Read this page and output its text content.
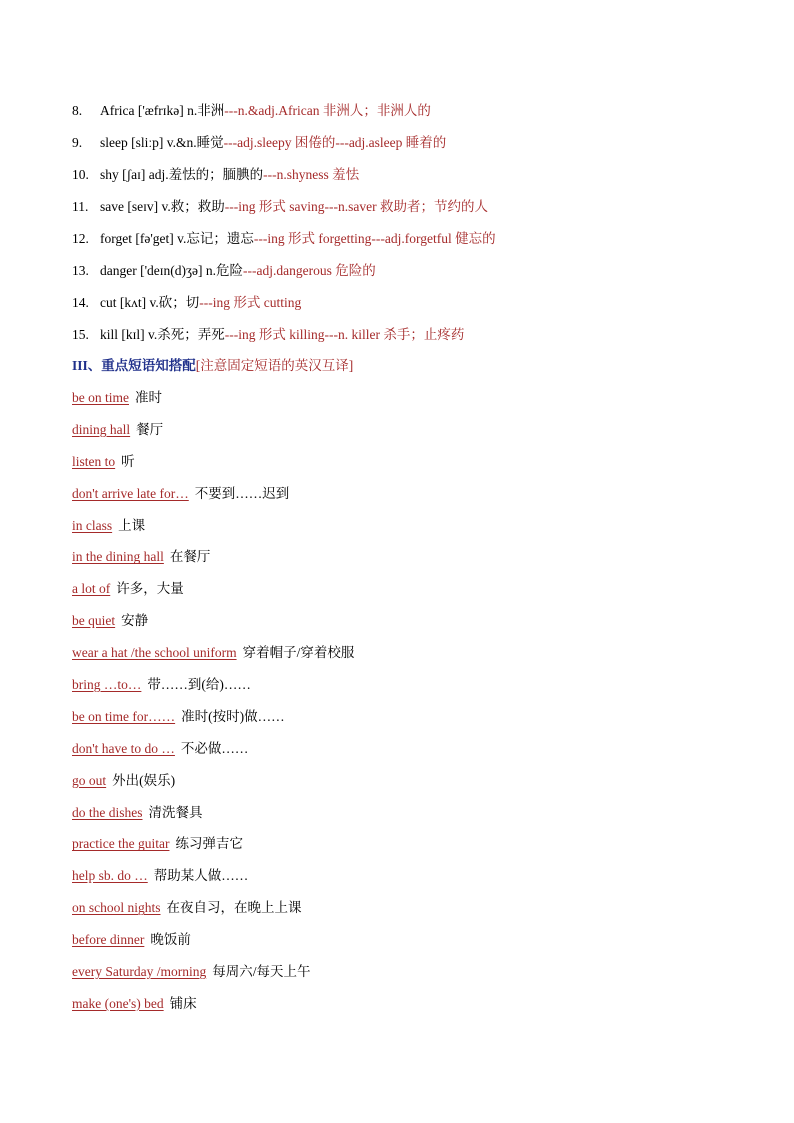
8. Africa ['æfrɪkə] n.非洲---n.&adj.African 非洲人；非洲人的
9. sleep [sliːp] v.&n.睡觉---adj.sleepy 困倦的---adj.asleep 睡着的
10. shy [ʃaɪ] adj.羞怯的；腼腆的---n.shyness 羞怯
11. save [seɪv] v.救；救助---ing 形式 saving---n.saver 救助者；节约的人
12. forget [fə'get] v.忘记；遗忘---ing 形式 forgetting---adj.forgetful 健忘的
13. danger ['deɪn(d)ʒə] n.危险---adj.dangerous 危险的
14. cut [kʌt] v.砍；切---ing 形式 cutting
15. kill [kɪl] v.杀死；弄死---ing 形式 killing---n. killer 杀手；止疼药
III、重点短语知搭配[注意固定短语的英汉互译]
be on time 准时
dining hall 餐厅
listen to 听
don't arrive late for… 不要到……迟到
in class 上课
in the dining hall 在餐厅
a lot of 许多，大量
be quiet 安静
wear a hat /the school uniform 穿着帽子/穿着校服
bring …to… 带……到(给)……
be on time for…… 准时(按时)做……
don't have to do … 不必做……
go out 外出(娱乐)
do the dishes 清洗餐具
practice the guitar 练习弹吉它
help sb. do … 帮助某人做……
on school nights 在夜自习，在晚上上课
before dinner 晚饭前
every Saturday /morning 每周六/每天上午
make (one's) bed 铺床
